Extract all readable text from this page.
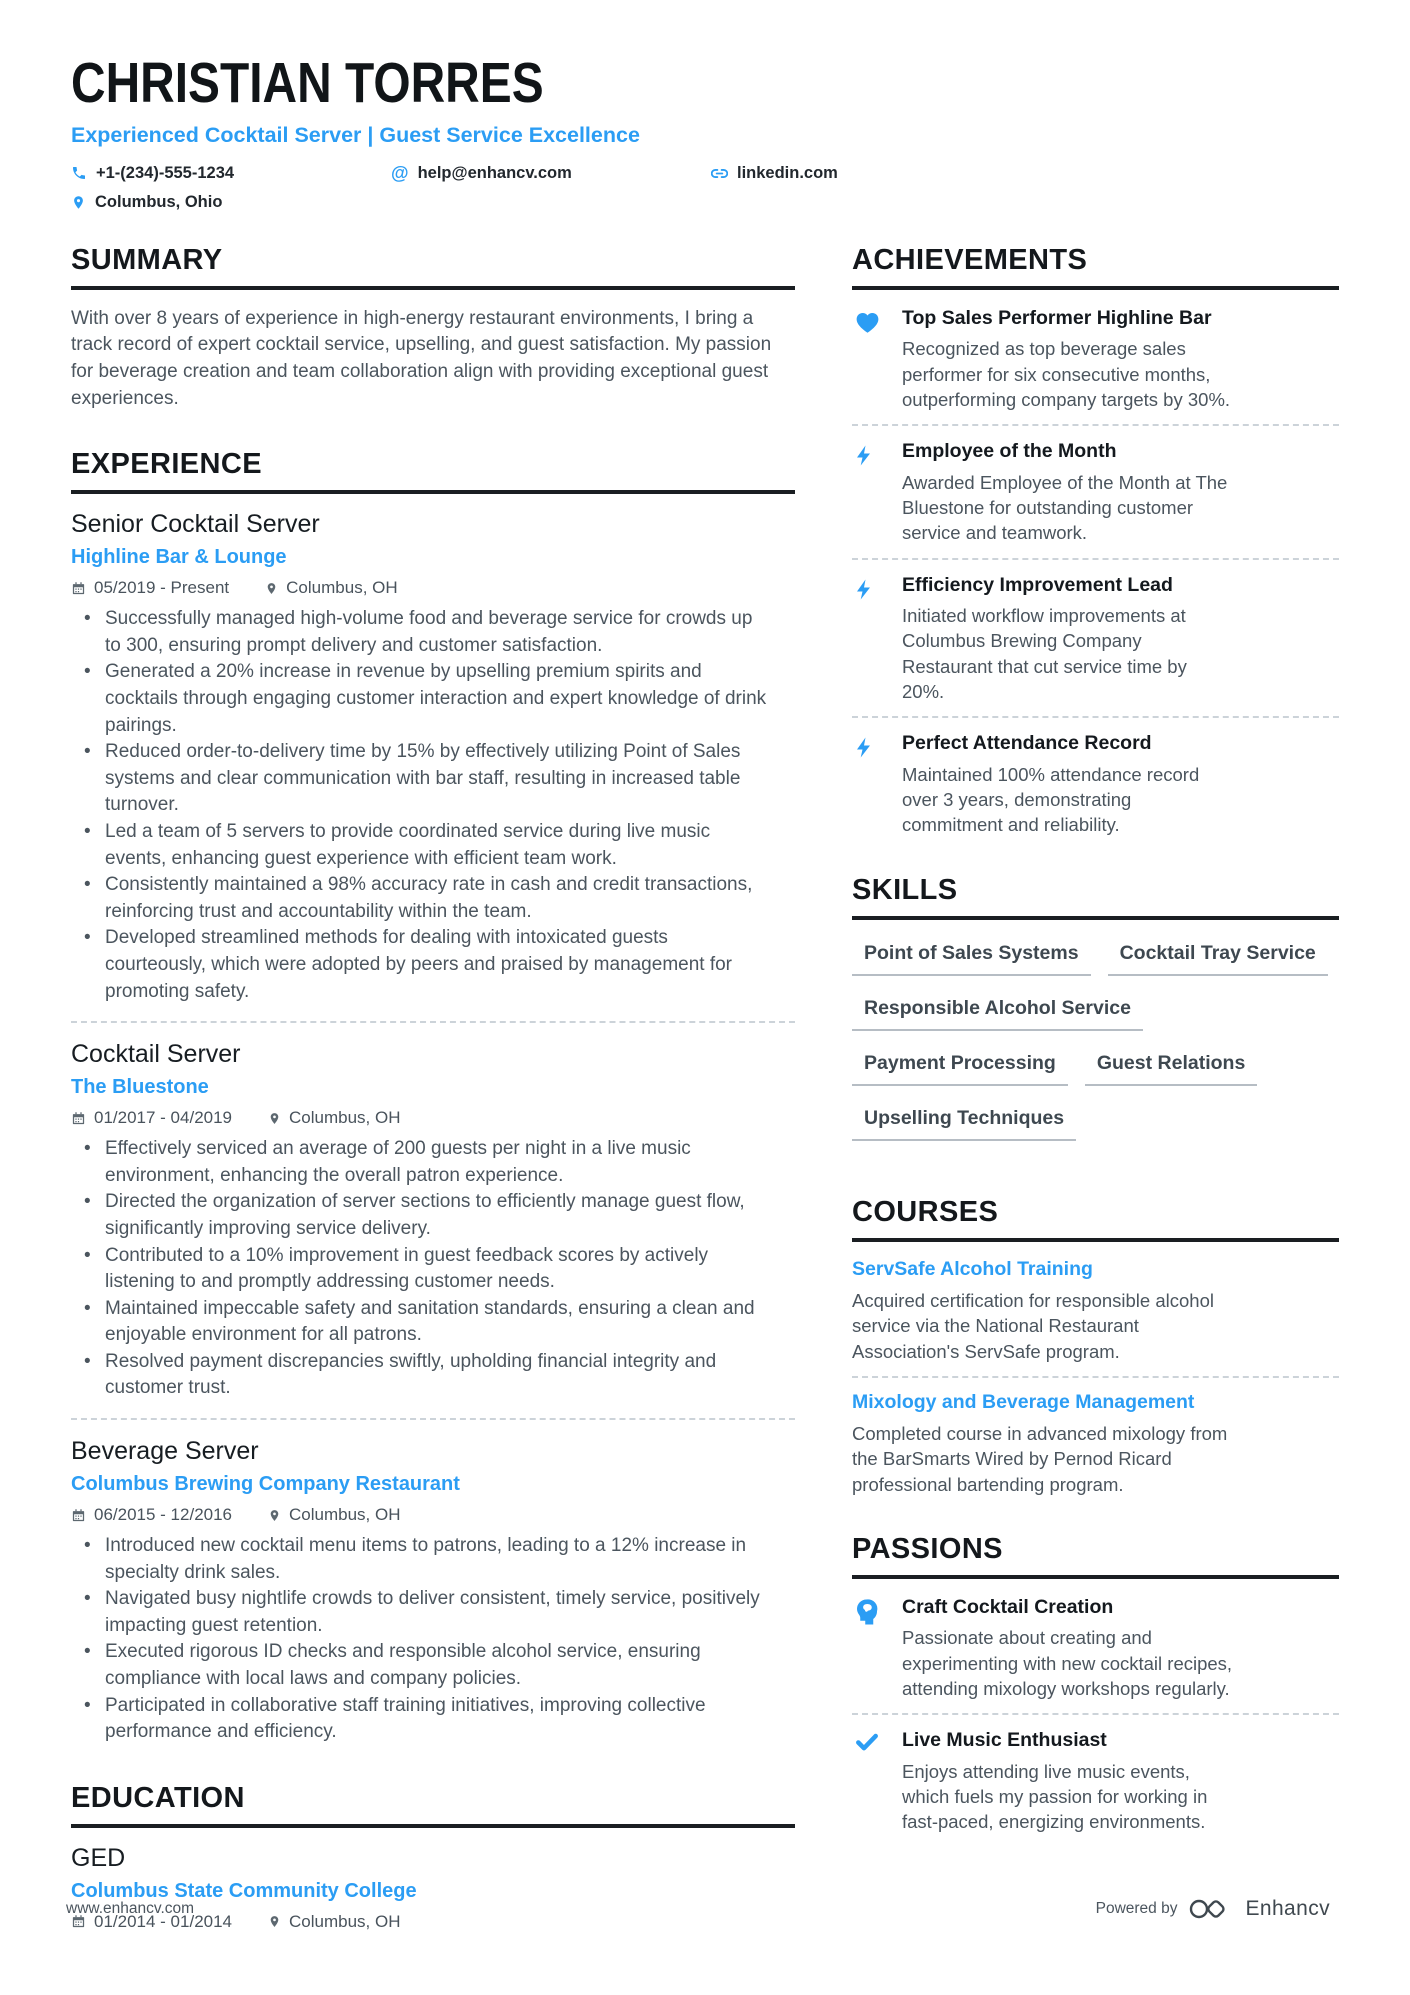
CHRISTIAN TORRES
Experienced Cocktail Server | Guest Service Excellence
+1-(234)-555-1234	@ help@enhancv.com	linkedin.com
Columbus, Ohio
SUMMARY

With over 8 years of experience in high-energy restaurant environments, I bring a track record of expert cocktail service, upselling, and guest satisfaction. My passion for beverage creation and team collaboration align with providing exceptional guest experiences.

EXPERIENCE
Senior Cocktail Server
Highline Bar & Lounge
05/2019 - Present	Columbus, OH
• Successfully managed high-volume food and beverage service for crowds up to 300, ensuring prompt delivery and customer satisfaction.
• Generated a 20% increase in revenue by upselling premium spirits and cocktails through engaging customer interaction and expert knowledge of drink pairings.
• Reduced order-to-delivery time by 15% by effectively utilizing Point of Sales systems and clear communication with bar staff, resulting in increased table turnover.
• Led a team of 5 servers to provide coordinated service during live music events, enhancing guest experience with efficient team work.
• Consistently maintained a 98% accuracy rate in cash and credit transactions, reinforcing trust and accountability within the team.
• Developed streamlined methods for dealing with intoxicated guests courteously, which were adopted by peers and praised by management for promoting safety.
Cocktail Server
The Bluestone
01/2017 - 04/2019	Columbus, OH
• Effectively serviced an average of 200 guests per night in a live music environment, enhancing the overall patron experience.
• Directed the organization of server sections to efficiently manage guest flow, significantly improving service delivery.
• Contributed to a 10% improvement in guest feedback scores by actively listening to and promptly addressing customer needs.
• Maintained impeccable safety and sanitation standards, ensuring a clean and enjoyable environment for all patrons.
• Resolved payment discrepancies swiftly, upholding financial integrity and customer trust.
Beverage Server
Columbus Brewing Company Restaurant
06/2015 - 12/2016	Columbus, OH
• Introduced new cocktail menu items to patrons, leading to a 12% increase in specialty drink sales.
• Navigated busy nightlife crowds to deliver consistent, timely service, positively impacting guest retention.
• Executed rigorous ID checks and responsible alcohol service, ensuring compliance with local laws and company policies.
• Participated in collaborative staff training initiatives, improving collective performance and efficiency.
EDUCATION
GED
Columbus State Community College
01/2014 - 01/2014	Columbus, OH
ACHIEVEMENTS
Top Sales Performer Highline Bar
Recognized as top beverage sales performer for six consecutive months, outperforming company targets by 30%.
Employee of the Month
Awarded Employee of the Month at The Bluestone for outstanding customer service and teamwork.
Efficiency Improvement Lead
Initiated workflow improvements at Columbus Brewing Company Restaurant that cut service time by 20%.
Perfect Attendance Record
Maintained 100% attendance record over 3 years, demonstrating commitment and reliability.
SKILLS
Point of Sales Systems	Cocktail Tray Service
Responsible Alcohol Service
Payment Processing	Guest Relations
Upselling Techniques
COURSES
ServSafe Alcohol Training
Acquired certification for responsible alcohol service via the National Restaurant Association's ServSafe program.
Mixology and Beverage Management
Completed course in advanced mixology from the BarSmarts Wired by Pernod Ricard professional bartending program.
PASSIONS
Craft Cocktail Creation
Passionate about creating and experimenting with new cocktail recipes, attending mixology workshops regularly.
Live Music Enthusiast
Enjoys attending live music events, which fuels my passion for working in fast-paced, energizing environments.
www.enhancv.com	Powered by	Enhancv
